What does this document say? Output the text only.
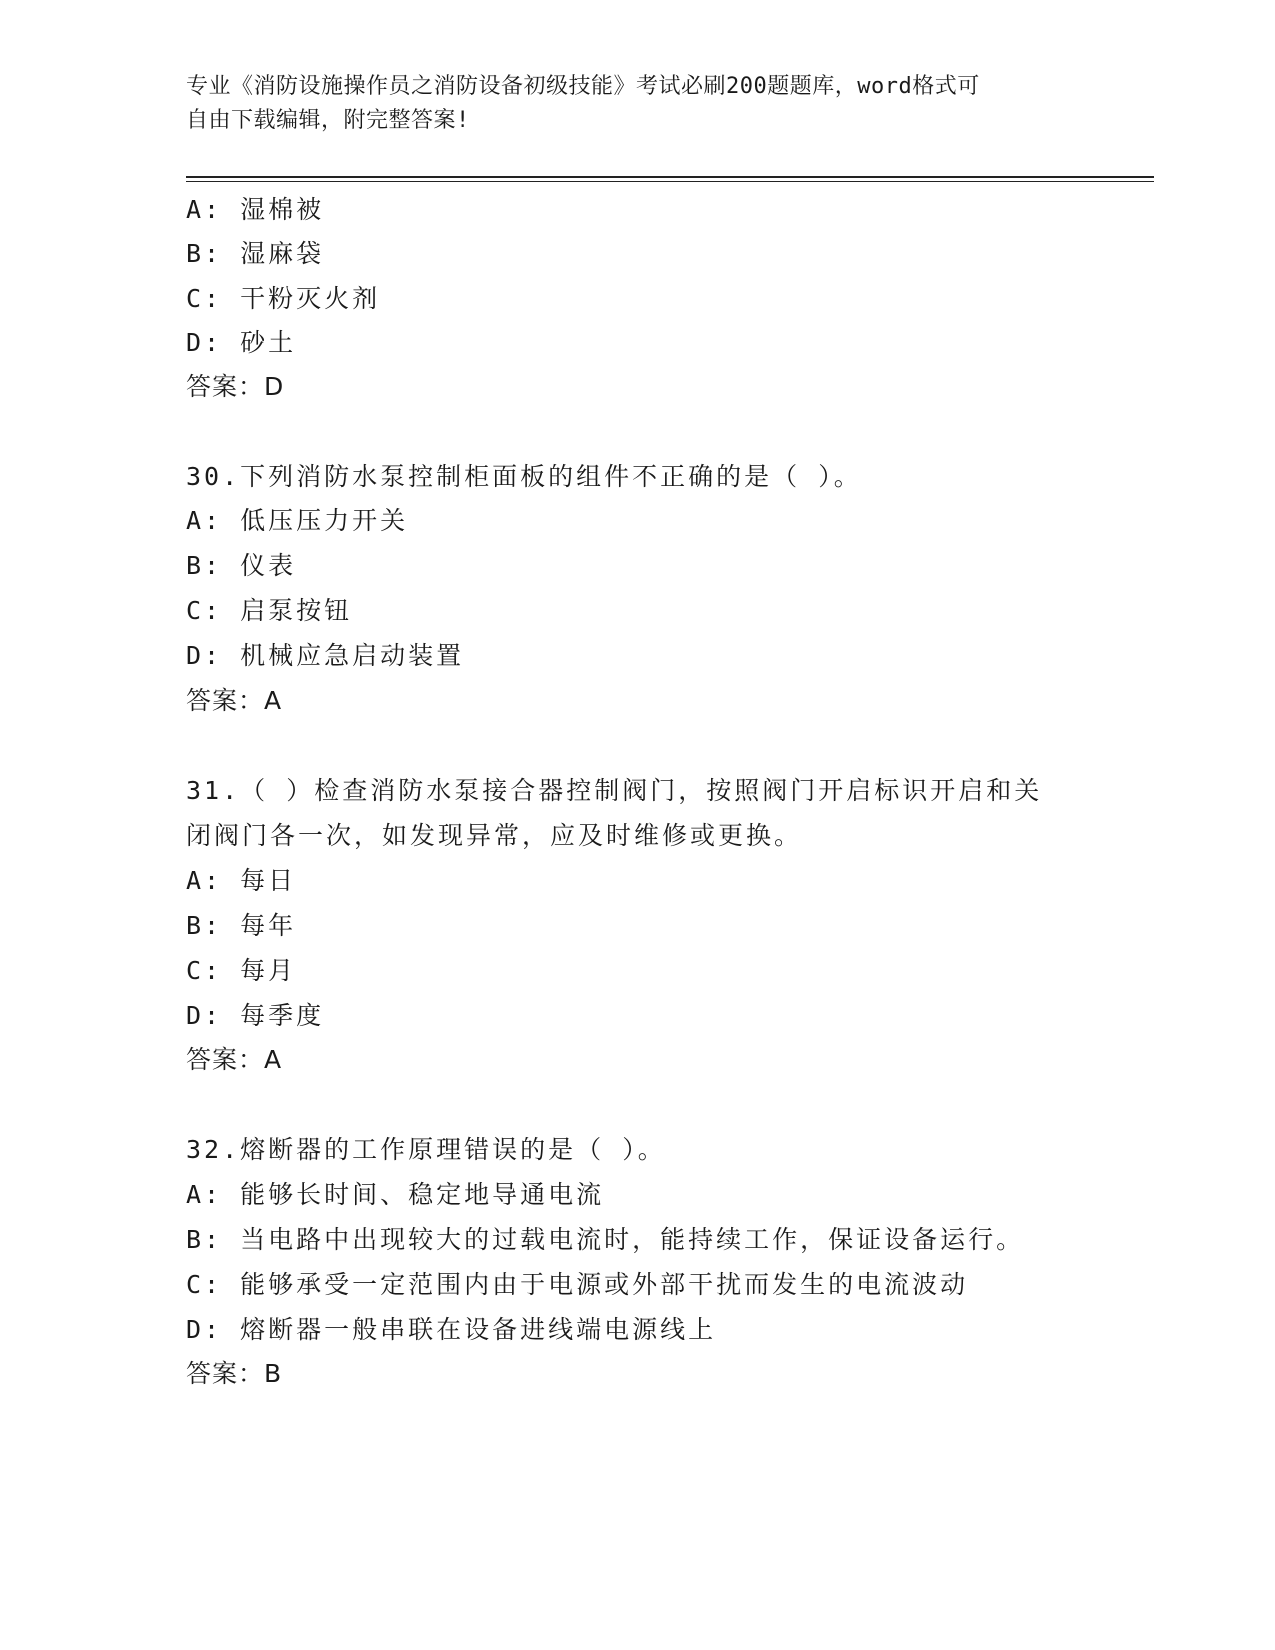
专业《消防设施操作员之消防设备初级技能》考试必刷200题题库，word格式可
自由下载编辑，附完整答案!
A: 湿棉被
B: 湿麻袋
C: 干粉灭火剂
D: 砂土
答案：D
30.下列消防水泵控制柜面板的组件不正确的是（ ）。
A: 低压压力开关
B: 仪表
C: 启泵按钮
D: 机械应急启动装置
答案：A
31.（ ）检查消防水泵接合器控制阀门，按照阀门开启标识开启和关
闭阀门各一次，如发现异常，应及时维修或更换。
A: 每日
B: 每年
C: 每月
D: 每季度
答案：A
32.熔断器的工作原理错误的是（ ）。
A: 能够长时间、稳定地导通电流
B: 当电路中出现较大的过载电流时，能持续工作，保证设备运行。
C: 能够承受一定范围内由于电源或外部干扰而发生的电流波动
D: 熔断器一般串联在设备进线端电源线上
答案：B
